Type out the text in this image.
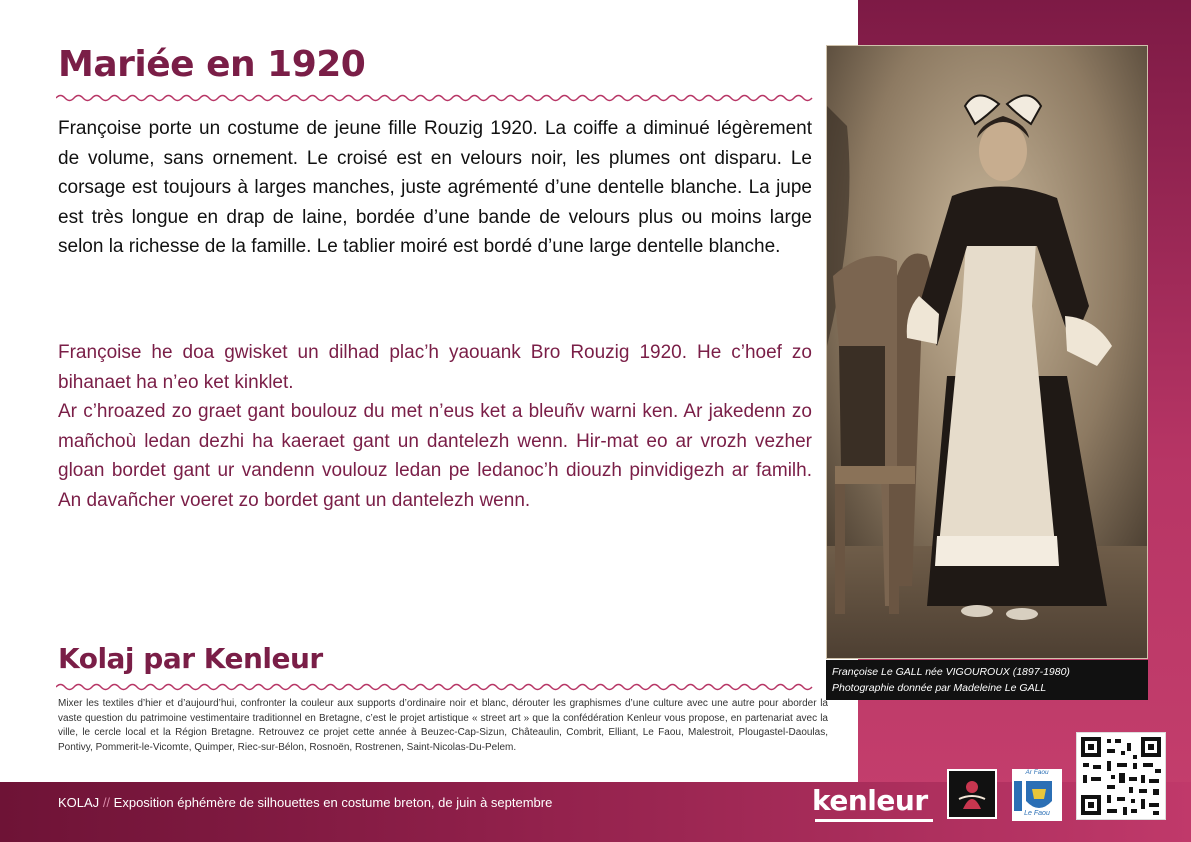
Mariée en 1920

Françoise porte un costume de jeune fille Rouzig 1920. La coiffe a diminué légèrement de volume, sans ornement. Le croisé est en velours noir, les plumes ont disparu. Le corsage est toujours à larges manches, juste agrémenté d’une dentelle blanche. La jupe est très longue en drap de laine, bordée d’une bande de velours plus ou moins large selon la richesse de la famille. Le tablier moiré est bordé d’une large dentelle blanche.

Françoise he doa gwisket un dilhad plac’h yaouank Bro Rouzig 1920. He c’hoef zo bihanaet ha n’eo ket kinklet.
Ar c’hroazed zo graet gant boulouz du met n’eus ket a bleuñv warni ken. Ar jakedenn zo mañchoù ledan dezhi ha kaeraet gant un dantelezh wenn. Hir-mat eo ar vrozh vezher gloan bordet gant ur vandenn voulouz ledan pe ledanoc’h diouzh pinvidigezh ar familh. An davañcher voeret zo bordet gant un dantelezh wenn.
Françoise Le GALL née VIGOUROUX (1897-1980)
Photographie donnée par Madeleine Le GALL
Kolaj par Kenleur

Mixer les textiles d’hier et d’aujourd’hui, confronter la couleur aux supports d’ordinaire noir et blanc, dérouter les graphismes d’une culture avec une autre pour aborder la vaste question du patrimoine vestimentaire traditionnel en Bretagne, c’est le projet artistique « street art » que la confédération Kenleur vous propose, en partenariat avec la ville, le cercle local et la Région Bretagne. Retrouvez ce projet cette année à Beuzec-Cap-Sizun, Châteaulin, Combrit, Elliant, Le Faou, Malestroit, Plougastel-Daoulas, Pontivy, Pommerit-le-Vicomte, Quimper, Riec-sur-Bélon, Rosnoën, Rostrenen, Saint-Nicolas-Du-Pelem.

KOLAJ // Exposition éphémère de silhouettes en costume breton, de juin à septembre	kenleur
Ar Faou
Le Faou
